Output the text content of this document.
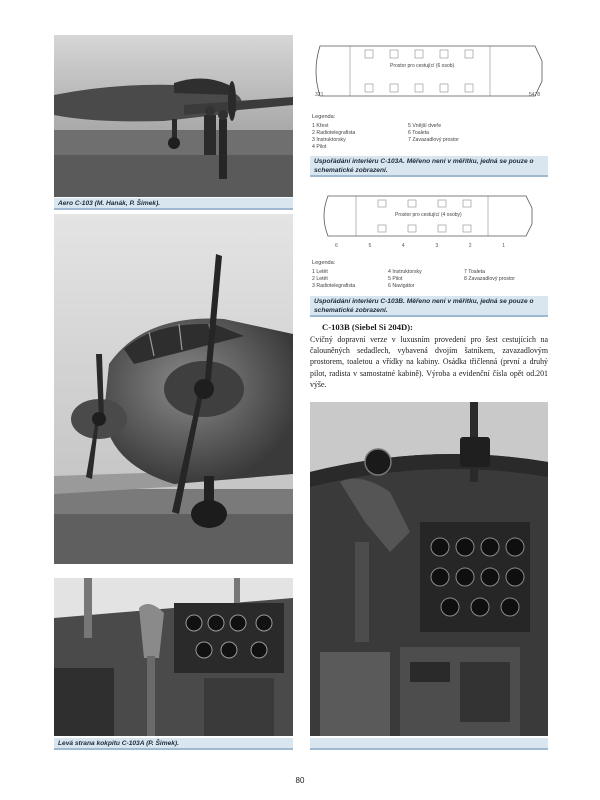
Aero C-103 (M. Hanák, P. Šimek).
Prostor pro cestující (6 osob)
3 2 1	5 4 7 8
Legenda:
1 Křest
2 Radiotelegrafista
3 Instruktorsky
4 Pilot
5 Vnější dveře
6 Toaleta
7 Zavazadlový prostor
Uspořádání interiéru C-103A. Měřeno není v měřítku, jedná se pouze o schematické zobrazení.
Prostor pro cestující (4 osoby)
6	5	4	3	2	1
Legenda:
1 Letět
2 Letět
3 Radiotelegrafista
4 Instruktorsky
5 Pilot
6 Navigátor
7 Toaleta
8 Zavazadlový prostor
Uspořádání interiéru C-103B. Měřeno není v měřítku, jedná se pouze o schematické zobrazení.
C-103B (Siebel Si 204D):
Cvičný dopravní verze v luxusním provedení pro šest cestujících na čalouněných sedadlech, vybavená dvojím šatníkem, zavazadlovým prostorem, toaletou a vřídky na kabiny. Osádka třičlenná (první a druhý pilot, radista v samostatné kabině). Výroba a evidenční čísla opět od.201 výše.
Levá strana kokpitu C-103A (P. Šimek).
80
